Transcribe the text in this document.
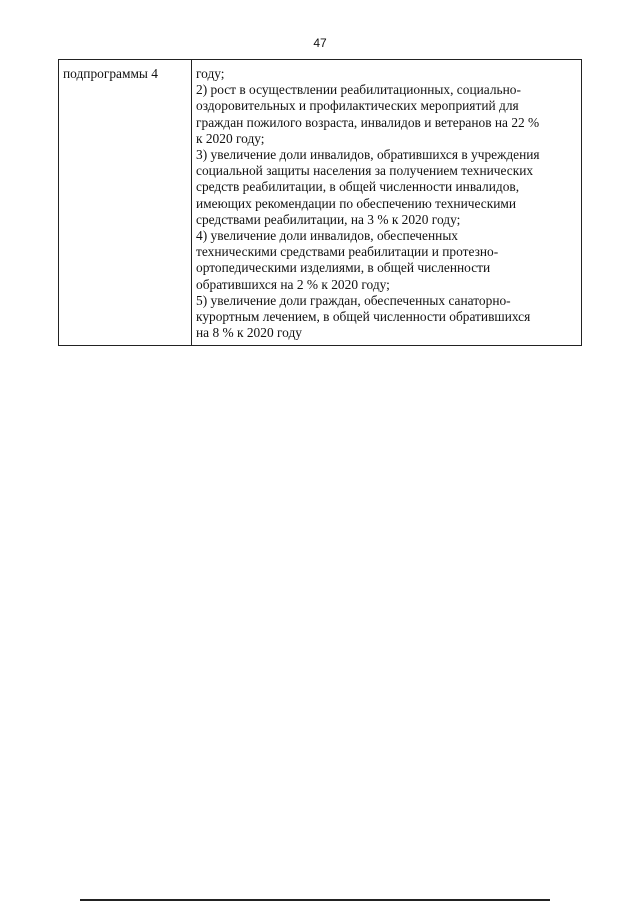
47
подпрограммы 4	году;
2) рост в осуществлении реабилитационных, социально-
оздоровительных и профилактических мероприятий для
граждан пожилого возраста, инвалидов и ветеранов на 22 %
к 2020 году;
3) увеличение доли инвалидов, обратившихся в учреждения
социальной защиты населения за получением технических
средств реабилитации, в общей численности инвалидов,
имеющих рекомендации по обеспечению техническими
средствами реабилитации, на 3 % к 2020 году;
4) увеличение доли инвалидов, обеспеченных
техническими средствами реабилитации и протезно-
ортопедическими изделиями, в общей численности
обратившихся на 2 % к 2020 году;
5) увеличение доли граждан, обеспеченных санаторно-
курортным лечением, в общей численности обратившихся
на 8 % к 2020 году
